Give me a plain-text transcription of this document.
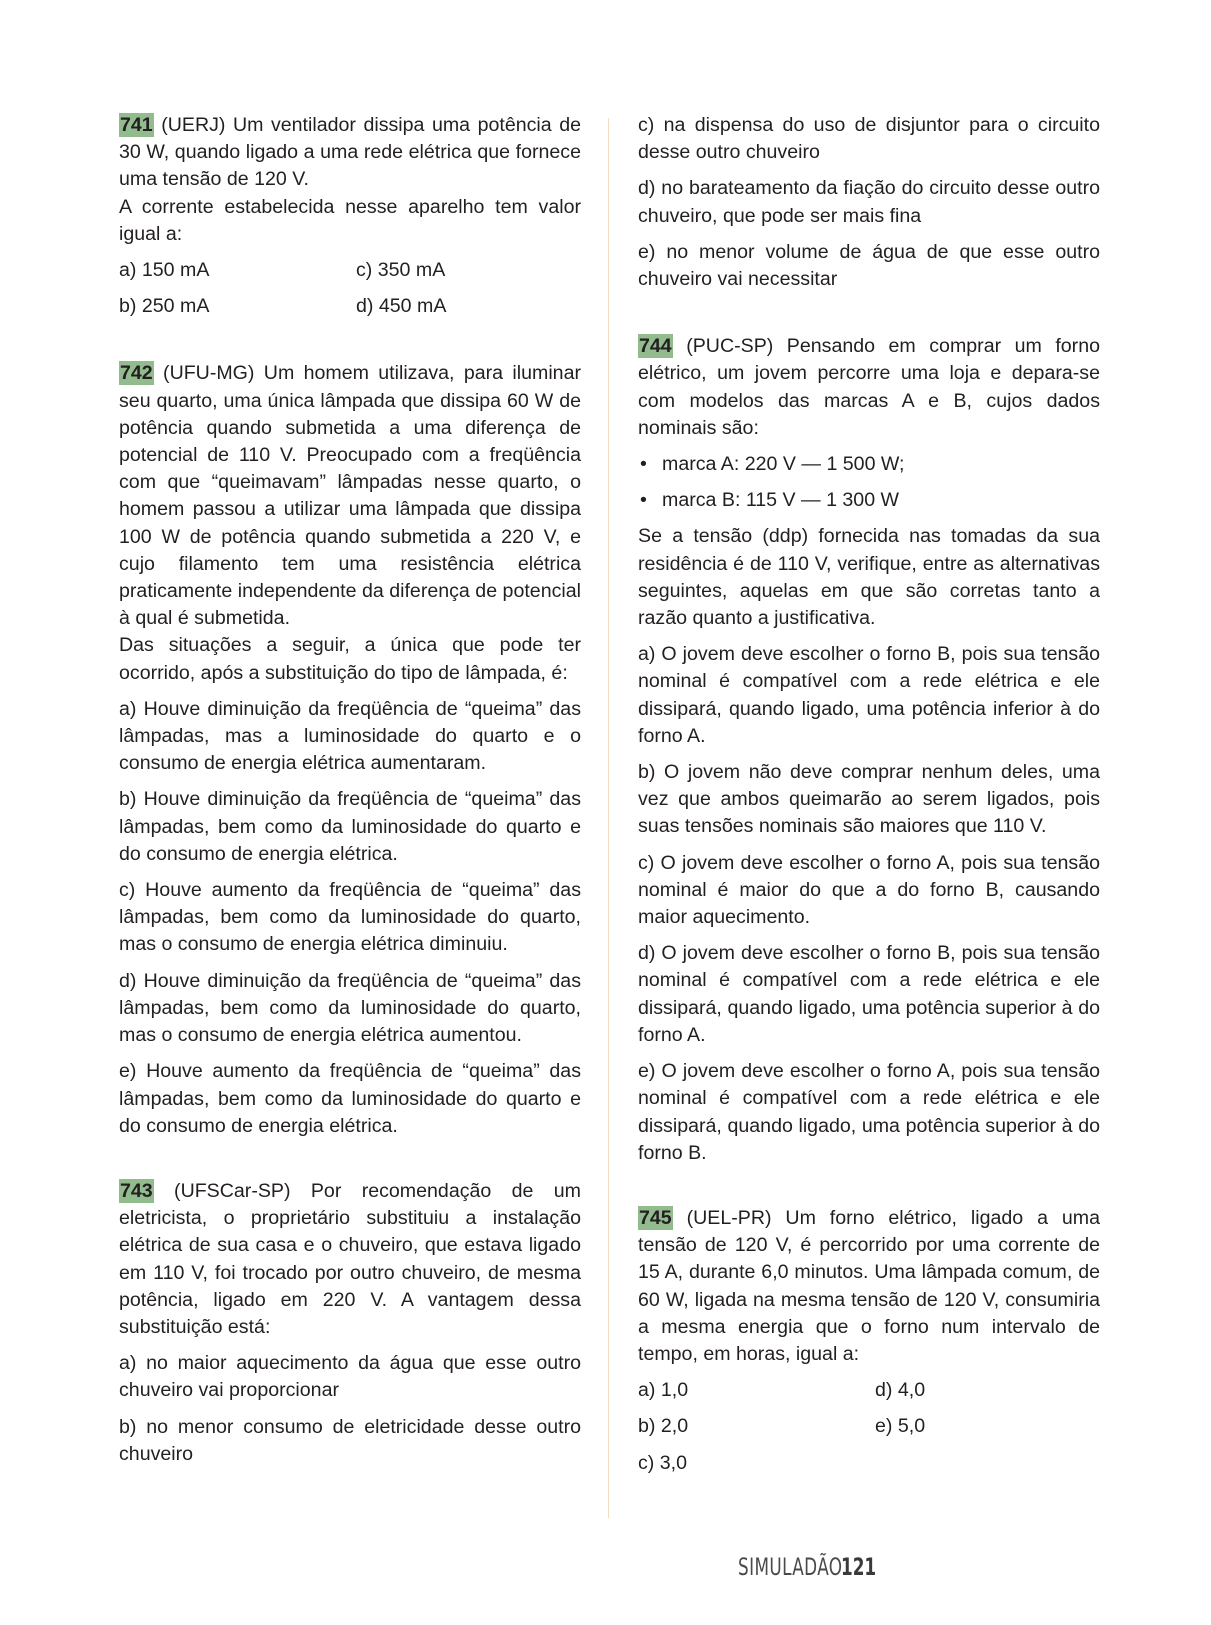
741 (UERJ) Um ventilador dissipa uma potência de 30 W, quando ligado a uma rede elétrica que fornece uma tensão de 120 V.

A corrente estabelecida nesse aparelho tem valor igual a:

a) 150 mA	c) 350 mA
b) 250 mA	d) 450 mA

742 (UFU-MG) Um homem utilizava, para iluminar seu quarto, uma única lâmpada que dissipa 60 W de potência quando submetida a uma diferença de potencial de 110 V. Preocupado com a freqüência com que “queimavam” lâmpadas nesse quarto, o homem passou a utilizar uma lâmpada que dissipa 100 W de potência quando submetida a 220 V, e cujo filamento tem uma resistência elétrica praticamente independente da diferença de potencial à qual é submetida.

Das situações a seguir, a única que pode ter ocorrido, após a substituição do tipo de lâmpada, é:

a) Houve diminuição da freqüência de “queima” das lâmpadas, mas a luminosidade do quarto e o consumo de energia elétrica aumentaram.

b) Houve diminuição da freqüência de “queima” das lâmpadas, bem como da luminosidade do quarto e do consumo de energia elétrica.

c) Houve aumento da freqüência de “queima” das lâmpadas, bem como da luminosidade do quarto, mas o consumo de energia elétrica diminuiu.

d) Houve diminuição da freqüência de “queima” das lâmpadas, bem como da luminosidade do quarto, mas o consumo de energia elétrica aumentou.

e) Houve aumento da freqüência de “queima” das lâmpadas, bem como da luminosidade do quarto e do consumo de energia elétrica.

743 (UFSCar-SP) Por recomendação de um eletricista, o proprietário substituiu a instalação elétrica de sua casa e o chuveiro, que estava ligado em 110 V, foi trocado por outro chuveiro, de mesma potência, ligado em 220 V. A vantagem dessa substituição está:

a) no maior aquecimento da água que esse outro chuveiro vai proporcionar

b) no menor consumo de eletricidade desse outro chuveiro

c) na dispensa do uso de disjuntor para o circuito desse outro chuveiro

d) no barateamento da fiação do circuito desse outro chuveiro, que pode ser mais fina

e) no menor volume de água de que esse outro chuveiro vai necessitar

744 (PUC-SP) Pensando em comprar um forno elétrico, um jovem percorre uma loja e depara-se com modelos das marcas A e B, cujos dados nominais são:

• marca A: 220 V — 1 500 W;

• marca B: 115 V — 1 300 W

Se a tensão (ddp) fornecida nas tomadas da sua residência é de 110 V, verifique, entre as alternativas seguintes, aquelas em que são corretas tanto a razão quanto a justificativa.

a) O jovem deve escolher o forno B, pois sua tensão nominal é compatível com a rede elétrica e ele dissipará, quando ligado, uma potência inferior à do forno A.

b) O jovem não deve comprar nenhum deles, uma vez que ambos queimarão ao serem ligados, pois suas tensões nominais são maiores que 110 V.

c) O jovem deve escolher o forno A, pois sua tensão nominal é maior do que a do forno B, causando maior aquecimento.

d) O jovem deve escolher o forno B, pois sua tensão nominal é compatível com a rede elétrica e ele dissipará, quando ligado, uma potência superior à do forno A.

e) O jovem deve escolher o forno A, pois sua tensão nominal é compatível com a rede elétrica e ele dissipará, quando ligado, uma potência superior à do forno B.

745 (UEL-PR) Um forno elétrico, ligado a uma tensão de 120 V, é percorrido por uma corrente de 15 A, durante 6,0 minutos. Uma lâmpada comum, de 60 W, ligada na mesma tensão de 120 V, consumiria a mesma energia que o forno num intervalo de tempo, em horas, igual a:

a) 1,0	d) 4,0
b) 2,0	e) 5,0
c) 3,0
SIMULADÃO
121
